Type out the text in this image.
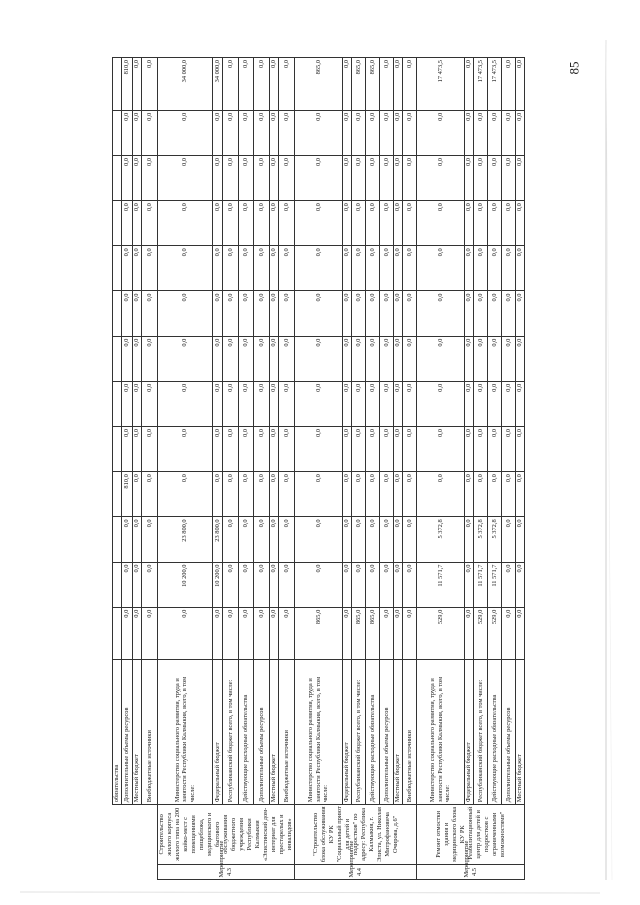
		обязательства													
		Дополнительные объемы ресурсов	0,0	0,0	0,0	810,0	0,0	0,0	0,0	0,0	0,0	0,0	0,0	0,0	810,0
		Местный бюджет	0,0	0,0	0,0	0,0	0,0	0,0	0,0	0,0	0,0	0,0	0,0	0,0	0,0
		Внебюджетные источники	0,0	0,0	0,0	0,0	0,0	0,0	0,0	0,0	0,0	0,0	0,0	0,0	0,0
Мероприятие 4.3	Строительство жилого корпуса жилого типа на 200 койко-мест с помещениями пищеблока, медицинского и бытового обслуживания бюджетного учреждения Республики Калмыкия «Элистинский дом-интернат для престарелых и инвалидов»	Министерство социального развития, труда и занятости Республики Калмыкия, всего, в том числе:	0,0	10 200,0	23 800,0	0,0	0,0	0,0	0,0	0,0	0,0	0,0	0,0	0,0	34 000,0
		Федеральный бюджет	0,0	10 200,0	23 800,0	0,0	0,0	0,0	0,0	0,0	0,0	0,0	0,0	0,0	34 000,0
		Республиканский бюджет всего, в том числе:	0,0	0,0	0,0	0,0	0,0	0,0	0,0	0,0	0,0	0,0	0,0	0,0	0,0
		Действующие расходные обязательства	0,0	0,0	0,0	0,0	0,0	0,0	0,0	0,0	0,0	0,0	0,0	0,0	0,0
		Дополнительные объемы ресурсов	0,0	0,0	0,0	0,0	0,0	0,0	0,0	0,0	0,0	0,0	0,0	0,0	0,0
		Местный бюджет	0,0	0,0	0,0	0,0	0,0	0,0	0,0	0,0	0,0	0,0	0,0	0,0	0,0
		Внебюджетные источники	0,0	0,0	0,0	0,0	0,0	0,0	0,0	0,0	0,0	0,0	0,0	0,0	0,0
Мероприятие 4.4	"Строительство блока обслуживания КУ РК "Социальный приют для детей и подростков" по адресу: Республика Калмыкия, г. Элиста, ул. Николая Митрофановича Очирова, д.6"	Министерство социального развития, труда и занятости Республики Калмыкия, всего, в том числе:	865,0	0,0	0,0	0,0	0,0	0,0	0,0	0,0	0,0	0,0	0,0	0,0	865,0
		Федеральный бюджет	0,0	0,0	0,0	0,0	0,0	0,0	0,0	0,0	0,0	0,0	0,0	0,0	0,0
		Республиканский бюджет всего, в том числе:	865,0	0,0	0,0	0,0	0,0	0,0	0,0	0,0	0,0	0,0	0,0	0,0	865,0
		Действующие расходные обязательства	865,0	0,0	0,0	0,0	0,0	0,0	0,0	0,0	0,0	0,0	0,0	0,0	865,0
		Дополнительные объемы ресурсов	0,0	0,0	0,0	0,0	0,0	0,0	0,0	0,0	0,0	0,0	0,0	0,0	0,0
		Местный бюджет	0,0	0,0	0,0	0,0	0,0	0,0	0,0	0,0	0,0	0,0	0,0	0,0	0,0
		Внебюджетные источники	0,0	0,0	0,0	0,0	0,0	0,0	0,0	0,0	0,0	0,0	0,0	0,0	0,0
Мероприятие 4.5	Ремонт отмостки здания и медицинского блока КУ РК "Реабилитационный центр для детей и подростков с ограниченными возможностями"	Министерство социального развития, труда и занятости Республики Калмыкия, всего, в том числе:	529,0	11 571,7	5 372,8	0,0	0,0	0,0	0,0	0,0	0,0	0,0	0,0	0,0	17 473,5
		Федеральный бюджет	0,0	0,0	0,0	0,0	0,0	0,0	0,0	0,0	0,0	0,0	0,0	0,0	0,0
		Республиканский бюджет всего, в том числе:	529,0	11 571,7	5 372,8	0,0	0,0	0,0	0,0	0,0	0,0	0,0	0,0	0,0	17 473,5
		Действующие расходные обязательства	529,0	11 571,7	5 372,8	0,0	0,0	0,0	0,0	0,0	0,0	0,0	0,0	0,0	17 473,5
		Дополнительные объемы ресурсов	0,0	0,0	0,0	0,0	0,0	0,0	0,0	0,0	0,0	0,0	0,0	0,0	0,0
		Местный бюджет	0,0	0,0	0,0	0,0	0,0	0,0	0,0	0,0	0,0	0,0	0,0	0,0	0,0	85
